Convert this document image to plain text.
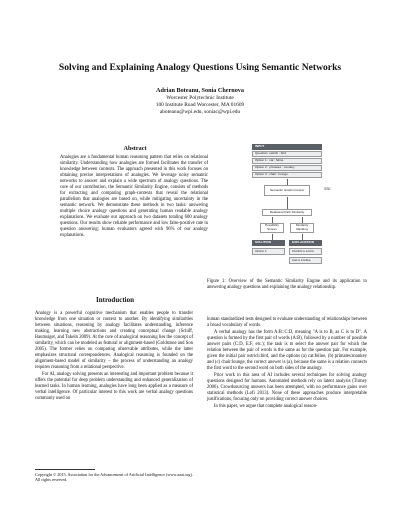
Solving and Explaining Analogy Questions Using Semantic Networks
Adrian Boteanu, Sonia Chernova
Worcester Polytechnic Institute
100 Institute Road Worcester, MA 01609
aboteanu@wpi.edu, soniac@wpi.edu
Abstract
Analogies are a fundamental human reasoning pattern that relies on relational similarity. Understanding how analogies are formed facilitates the transfer of knowledge between contexts. The approach presented in this work focuses on obtaining precise interpretations of analogies. We leverage noisy semantic networks to answer and explain a wide spectrum of analogy questions. The core of our contribution, the Semantic Similarity Engine, consists of methods for extracting and comparing graph-contexts that reveal the relational parallelism that analogies are based on, while mitigating uncertainty in the semantic network. We demonstrate these methods in two tasks: answering multiple choice analogy questions and generating human readable analogy explanations. We evaluate our approach on two datasets totaling 600 analogy questions. Our results show reliable performance and low false-positive rate in question answering; human evaluators agreed with 96% of our analogy explanations.
Introduction

Analogy is a powerful cognitive mechanism that enables people to transfer knowledge from one situation or context to another. By identifying similarities between situations, reasoning by analogy facilitates understanding, inference making, learning new abstractions and creating conceptual change (Schiff, Baumsiger, and Tokeln 2009). At the core of analogical reasoning lies the concept of similarity, which can be modeled as featural or alignment-based (Goldstone and Son 2005). The former relies on comparing observable attributes, while the latter emphasizes structural correspondences. Analogical reasoning is founded on the alignment-based model of similarity – the process of understanding an analogy requires reasoning from a relational perspective.

For AI, analogy solving presents an interesting and important problem because it offers the potential for deep problem understanding and enhanced generalization of learned tasks. In human learning, analogies have long been applied as a measure of verbal intelligence. Of particular interest to this work are verbal analogy questions commonly used on

Copyright © 2015, Association for the Advancement of Artificial Intelligence (www.aaai.org). All rights reserved.
INPUT
Question: ostrich : bird
Option 1 : cat : feline
Option 2 : primates : monkey
Option 3 : chair : lounge
Semantic Graph-Context	SSE
Relational Path Similarity
Possibility Scores
Similarity Ranking
SOLUTION	EXPLANATION
Option 1	Ostrich is a bird
Cat is a feline
Figure 1: Overview of the Semantic Similarity Engine and its application to answering analogy questions and explaining the analogy relationship.

human standardized tests designed to evaluate understanding of relationships between a broad vocabulary of words.

A verbal analogy has the form A:B::C:D, meaning "A is to B, as C is to D". A question is formed by the first pair of words (A:B), followed by a number of possible answer pairs (C:D, E:F, etc.); the task is to select the answer pair for which the relation between the pair of words is the same as for the question pair. For example, given the initial pair ostrich:bird, and the options (a) cat:feline, (b) primates:monkey and (c) chair:lounge, the correct answer is (a), because the same is a relation connects the first word to the second word on both sides of the analogy.

Prior work in this area of AI includes several techniques for solving analogy questions designed for humans. Automated methods rely on latent analysis (Turney 2006). Crowdsourcing answers has been attempted, with no performance gains over statistical methods (Lofi 2013). None of these approaches produce interpretable justifications, focusing only on providing correct answer choices.

In this paper, we argue that complete analogical reason-
